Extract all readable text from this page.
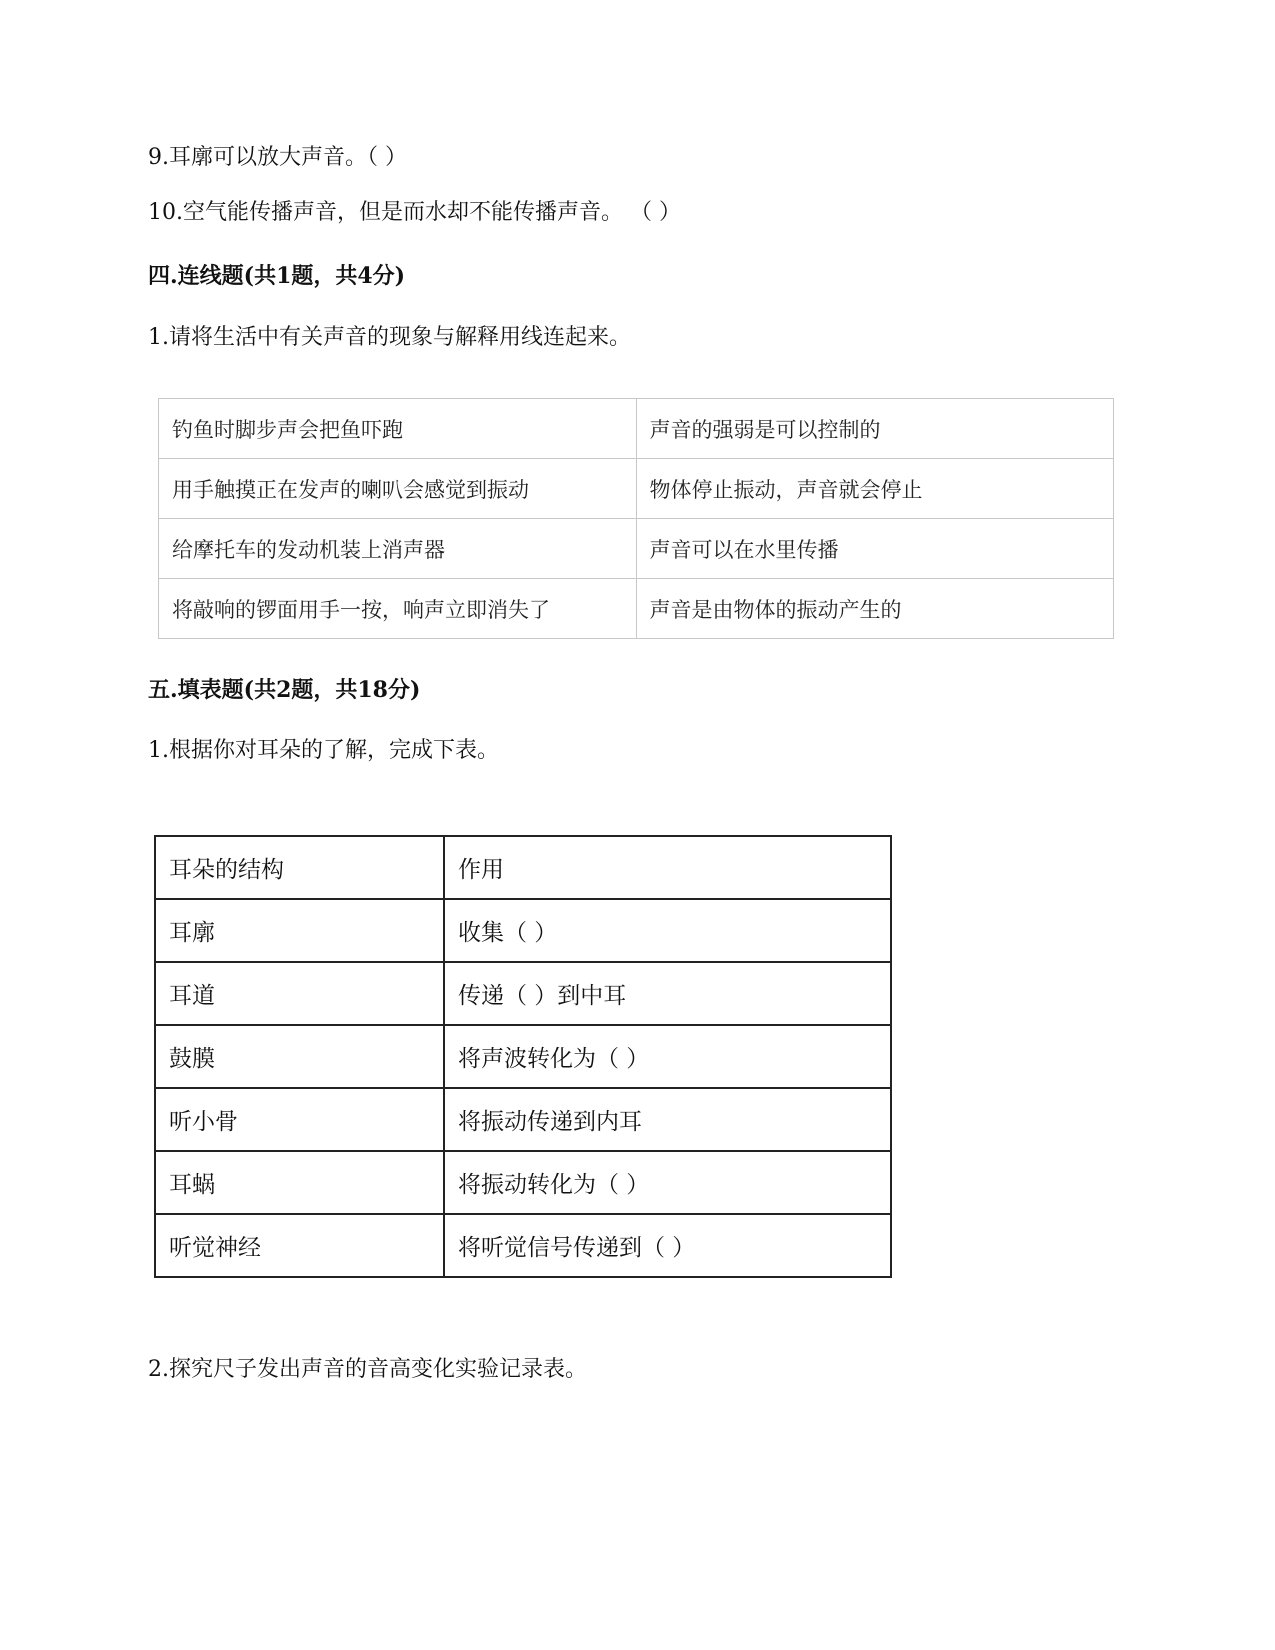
9.耳廓可以放大声音。（ ）
10.空气能传播声音，但是而水却不能传播声音。 （ ）
四.连线题(共1题，共4分)
1.请将生活中有关声音的现象与解释用线连起来。
钓鱼时脚步声会把鱼吓跑	声音的强弱是可以控制的
用手触摸正在发声的喇叭会感觉到振动	物体停止振动，声音就会停止
给摩托车的发动机装上消声器	声音可以在水里传播
将敲响的锣面用手一按，响声立即消失了	声音是由物体的振动产生的
五.填表题(共2题，共18分)
1.根据你对耳朵的了解，完成下表。
耳朵的结构	作用
耳廓	收集（ ）
耳道	传递（ ）到中耳
鼓膜	将声波转化为（ ）
听小骨	将振动传递到内耳
耳蜗	将振动转化为（ ）
听觉神经	将听觉信号传递到（ ）
2.探究尺子发出声音的音高变化实验记录表。
